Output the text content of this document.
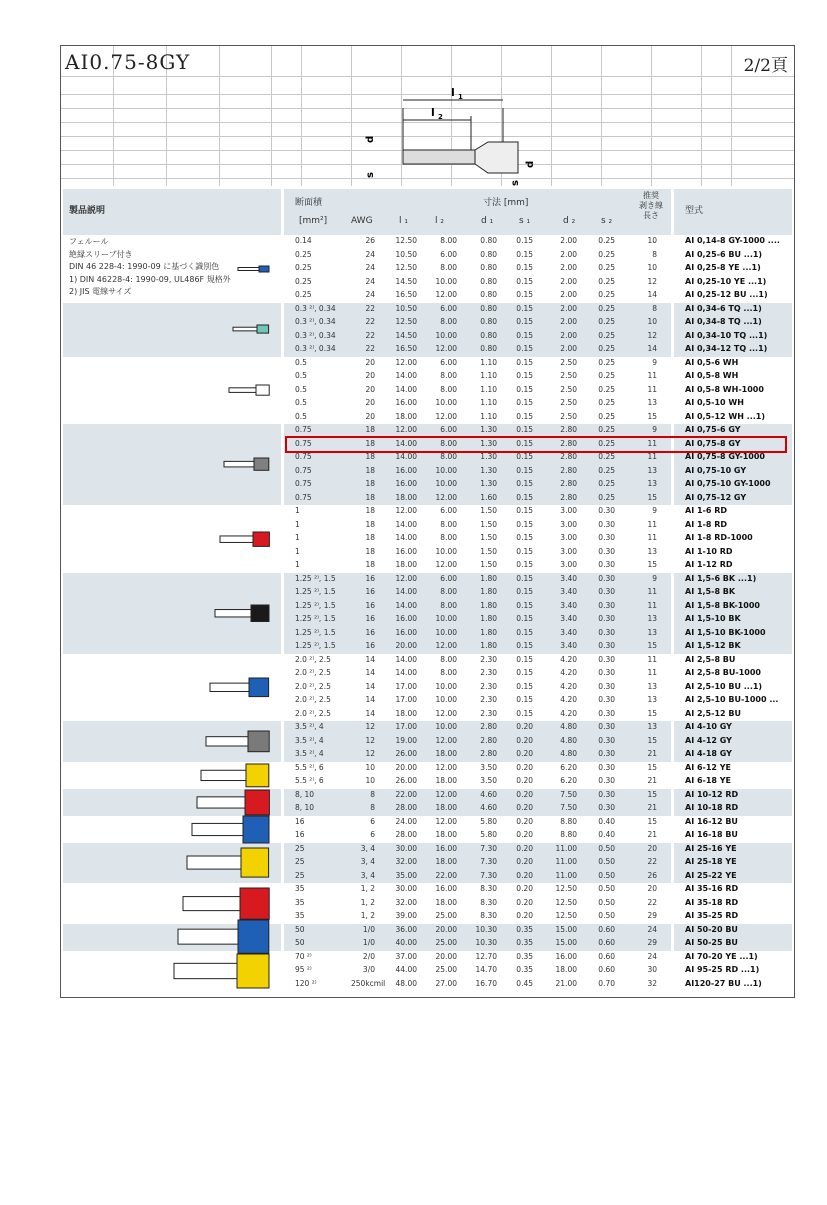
AI0.75-8GY	2/2頁
l 1
l 2
s
d
d
s
製品説明
断面積
[mm²]	AWG
寸法 [mm]
l ₁	l ₂	d ₁	s ₁	d ₂	s ₂
推奨
剥き線
長さ	型式
0.14	26	12.50	8.00	0.80	0.15	2.00	0.25	10	AI 0,14-8 GY-1000 ....
0.25	24	10.50	6.00	0.80	0.15	2.00	0.25	8	AI 0,25-6 BU ...1)
0.25	24	12.50	8.00	0.80	0.15	2.00	0.25	10	AI 0,25-8 YE ...1)
0.25	24	14.50	10.00	0.80	0.15	2.00	0.25	12	AI 0,25-10 YE ...1)
0.25	24	16.50	12.00	0.80	0.15	2.00	0.25	14	AI 0,25-12 BU ...1)
0.3 ²⁾, 0.34	22	10.50	6.00	0.80	0.15	2.00	0.25	8	AI 0,34-6 TQ ...1)
0.3 ²⁾, 0.34	22	12.50	8.00	0.80	0.15	2.00	0.25	10	AI 0,34-8 TQ ...1)
0.3 ²⁾, 0.34	22	14.50	10.00	0.80	0.15	2.00	0.25	12	AI 0,34-10 TQ ...1)
0.3 ²⁾, 0.34	22	16.50	12.00	0.80	0.15	2.00	0.25	14	AI 0,34-12 TQ ...1)
0.5	20	12.00	6.00	1.10	0.15	2.50	0.25	9	AI 0,5-6 WH
0.5	20	14.00	8.00	1.10	0.15	2.50	0.25	11	AI 0,5-8 WH
0.5	20	14.00	8.00	1.10	0.15	2.50	0.25	11	AI 0,5-8 WH-1000
0.5	20	16.00	10.00	1.10	0.15	2.50	0.25	13	AI 0,5-10 WH
0.5	20	18.00	12.00	1.10	0.15	2.50	0.25	15	AI 0,5-12 WH ...1)
0.75	18	12.00	6.00	1.30	0.15	2.80	0.25	9	AI 0,75-6 GY
0.75	18	14.00	8.00	1.30	0.15	2.80	0.25	11	AI 0,75-8 GY
0.75	18	14.00	8.00	1.30	0.15	2.80	0.25	11	AI 0,75-8 GY-1000
0.75	18	16.00	10.00	1.30	0.15	2.80	0.25	13	AI 0,75-10 GY
0.75	18	16.00	10.00	1.30	0.15	2.80	0.25	13	AI 0,75-10 GY-1000
0.75	18	18.00	12.00	1.60	0.15	2.80	0.25	15	AI 0,75-12 GY
1	18	12.00	6.00	1.50	0.15	3.00	0.30	9	AI 1-6 RD
1	18	14.00	8.00	1.50	0.15	3.00	0.30	11	AI 1-8 RD
1	18	14.00	8.00	1.50	0.15	3.00	0.30	11	AI 1-8 RD-1000
1	18	16.00	10.00	1.50	0.15	3.00	0.30	13	AI 1-10 RD
1	18	18.00	12.00	1.50	0.15	3.00	0.30	15	AI 1-12 RD
1.25 ²⁾, 1.5	16	12.00	6.00	1.80	0.15	3.40	0.30	9	AI 1,5-6 BK ...1)
1.25 ²⁾, 1.5	16	14.00	8.00	1.80	0.15	3.40	0.30	11	AI 1,5-8 BK
1.25 ²⁾, 1.5	16	14.00	8.00	1.80	0.15	3.40	0.30	11	AI 1,5-8 BK-1000
1.25 ²⁾, 1.5	16	16.00	10.00	1.80	0.15	3.40	0.30	13	AI 1,5-10 BK
1.25 ²⁾, 1.5	16	16.00	10.00	1.80	0.15	3.40	0.30	13	AI 1,5-10 BK-1000
1.25 ²⁾, 1.5	16	20.00	12.00	1.80	0.15	3.40	0.30	15	AI 1,5-12 BK
2.0 ²⁾, 2.5	14	14.00	8.00	2.30	0.15	4.20	0.30	11	AI 2,5-8 BU
2.0 ²⁾, 2.5	14	14.00	8.00	2.30	0.15	4.20	0.30	11	AI 2,5-8 BU-1000
2.0 ²⁾, 2.5	14	17.00	10.00	2.30	0.15	4.20	0.30	13	AI 2,5-10 BU ...1)
2.0 ²⁾, 2.5	14	17.00	10.00	2.30	0.15	4.20	0.30	13	AI 2,5-10 BU-1000 ...
2.0 ²⁾, 2.5	14	18.00	12.00	2.30	0.15	4.20	0.30	15	AI 2,5-12 BU
3.5 ²⁾, 4	12	17.00	10.00	2.80	0.20	4.80	0.30	13	AI 4-10 GY
3.5 ²⁾, 4	12	19.00	12.00	2.80	0.20	4.80	0.30	15	AI 4-12 GY
3.5 ²⁾, 4	12	26.00	18.00	2.80	0.20	4.80	0.30	21	AI 4-18 GY
5.5 ²⁾, 6	10	20.00	12.00	3.50	0.20	6.20	0.30	15	AI 6-12 YE
5.5 ²⁾, 6	10	26.00	18.00	3.50	0.20	6.20	0.30	21	AI 6-18 YE
8, 10	8	22.00	12.00	4.60	0.20	7.50	0.30	15	AI 10-12 RD
8, 10	8	28.00	18.00	4.60	0.20	7.50	0.30	21	AI 10-18 RD
16	6	24.00	12.00	5.80	0.20	8.80	0.40	15	AI 16-12 BU
16	6	28.00	18.00	5.80	0.20	8.80	0.40	21	AI 16-18 BU
25	3, 4	30.00	16.00	7.30	0.20	11.00	0.50	20	AI 25-16 YE
25	3, 4	32.00	18.00	7.30	0.20	11.00	0.50	22	AI 25-18 YE
25	3, 4	35.00	22.00	7.30	0.20	11.00	0.50	26	AI 25-22 YE
35	1, 2	30.00	16.00	8.30	0.20	12.50	0.50	20	AI 35-16 RD
35	1, 2	32.00	18.00	8.30	0.20	12.50	0.50	22	AI 35-18 RD
35	1, 2	39.00	25.00	8.30	0.20	12.50	0.50	29	AI 35-25 RD
50	1/0	36.00	20.00	10.30	0.35	15.00	0.60	24	AI 50-20 BU
50	1/0	40.00	25.00	10.30	0.35	15.00	0.60	29	AI 50-25 BU
70 ²⁾	2/0	37.00	20.00	12.70	0.35	16.00	0.60	24	AI 70-20 YE ...1)
95 ²⁾	3/0	44.00	25.00	14.70	0.35	18.00	0.60	30	AI 95-25 RD ...1)
120 ²⁾	250kcmil	48.00	27.00	16.70	0.45	21.00	0.70	32	AI120-27 BU ...1)
フェルール
絶縁スリーブ付き
DIN 46 228-4: 1990-09 に基づく識別色
1) DIN 46228-4: 1990-09, UL486F 規格外
2) JIS 電線サイズ
